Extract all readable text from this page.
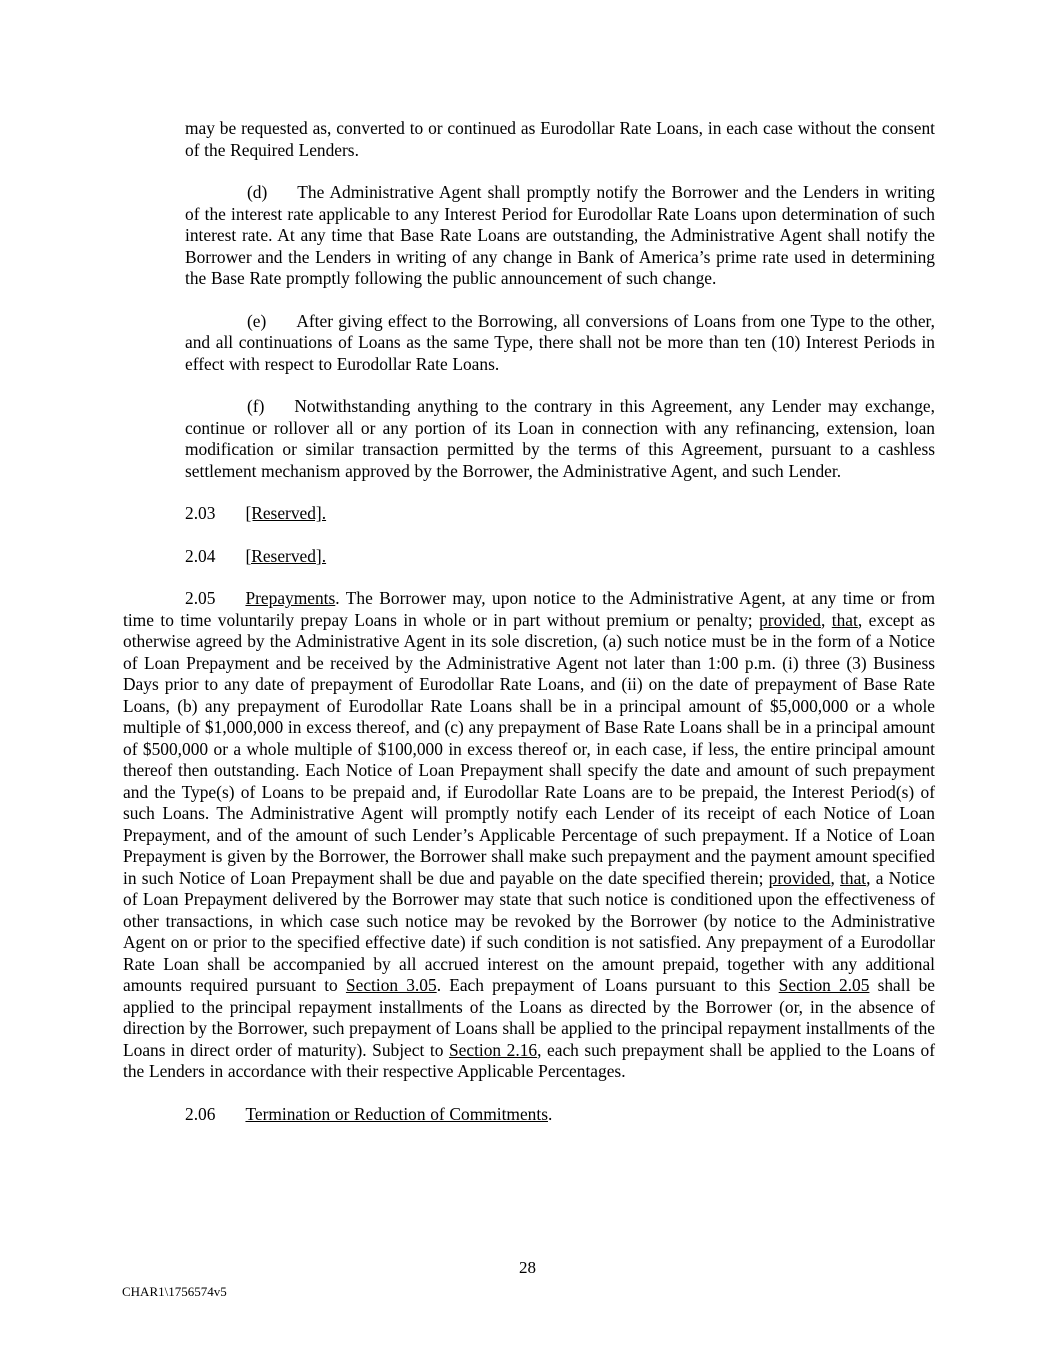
may be requested as, converted to or continued as Eurodollar Rate Loans, in each case without the consent of the Required Lenders.

(d) The Administrative Agent shall promptly notify the Borrower and the Lenders in writing of the interest rate applicable to any Interest Period for Eurodollar Rate Loans upon determination of such interest rate. At any time that Base Rate Loans are outstanding, the Administrative Agent shall notify the Borrower and the Lenders in writing of any change in Bank of America’s prime rate used in determining the Base Rate promptly following the public announcement of such change.

(e) After giving effect to the Borrowing, all conversions of Loans from one Type to the other, and all continuations of Loans as the same Type, there shall not be more than ten (10) Interest Periods in effect with respect to Eurodollar Rate Loans.

(f) Notwithstanding anything to the contrary in this Agreement, any Lender may exchange, continue or rollover all or any portion of its Loan in connection with any refinancing, extension, loan modification or similar transaction permitted by the terms of this Agreement, pursuant to a cashless settlement mechanism approved by the Borrower, the Administrative Agent, and such Lender.

2.03 [Reserved].

2.04 [Reserved].

2.05 Prepayments. The Borrower may, upon notice to the Administrative Agent, at any time or from time to time voluntarily prepay Loans in whole or in part without premium or penalty; provided, that, except as otherwise agreed by the Administrative Agent in its sole discretion, (a) such notice must be in the form of a Notice of Loan Prepayment and be received by the Administrative Agent not later than 1:00 p.m. (i) three (3) Business Days prior to any date of prepayment of Eurodollar Rate Loans, and (ii) on the date of prepayment of Base Rate Loans, (b) any prepayment of Eurodollar Rate Loans shall be in a principal amount of $5,000,000 or a whole multiple of $1,000,000 in excess thereof, and (c) any prepayment of Base Rate Loans shall be in a principal amount of $500,000 or a whole multiple of $100,000 in excess thereof or, in each case, if less, the entire principal amount thereof then outstanding. Each Notice of Loan Prepayment shall specify the date and amount of such prepayment and the Type(s) of Loans to be prepaid and, if Eurodollar Rate Loans are to be prepaid, the Interest Period(s) of such Loans. The Administrative Agent will promptly notify each Lender of its receipt of each Notice of Loan Prepayment, and of the amount of such Lender’s Applicable Percentage of such prepayment. If a Notice of Loan Prepayment is given by the Borrower, the Borrower shall make such prepayment and the payment amount specified in such Notice of Loan Prepayment shall be due and payable on the date specified therein; provided, that, a Notice of Loan Prepayment delivered by the Borrower may state that such notice is conditioned upon the effectiveness of other transactions, in which case such notice may be revoked by the Borrower (by notice to the Administrative Agent on or prior to the specified effective date) if such condition is not satisfied. Any prepayment of a Eurodollar Rate Loan shall be accompanied by all accrued interest on the amount prepaid, together with any additional amounts required pursuant to Section 3.05. Each prepayment of Loans pursuant to this Section 2.05 shall be applied to the principal repayment installments of the Loans as directed by the Borrower (or, in the absence of direction by the Borrower, such prepayment of Loans shall be applied to the principal repayment installments of the Loans in direct order of maturity). Subject to Section 2.16, each such prepayment shall be applied to the Loans of the Lenders in accordance with their respective Applicable Percentages.

2.06 Termination or Reduction of Commitments.

28
CHAR1\1756574v5
